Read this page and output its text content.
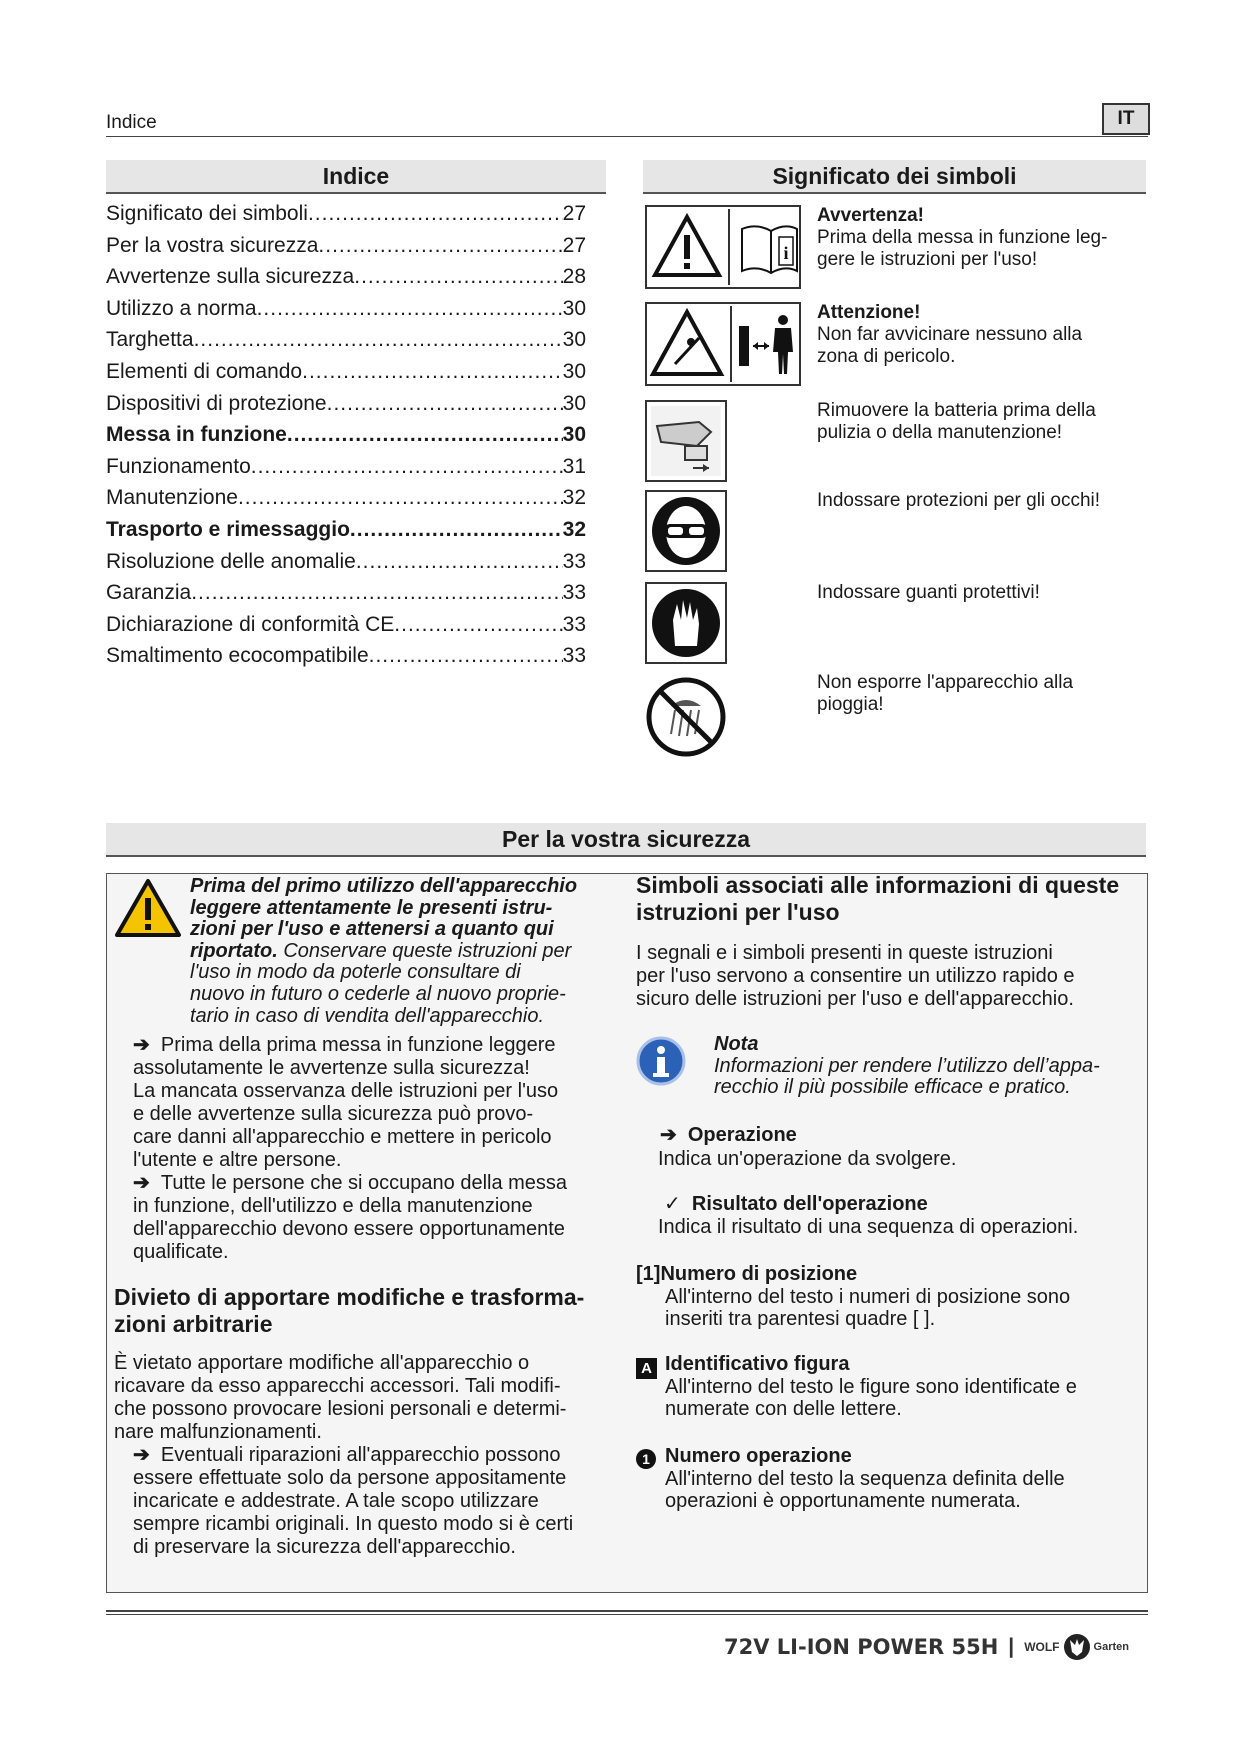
Indice	IT
Indice
Significato dei simboli .....	27
Per la vostra sicurezza .....	27
Avvertenze sulla sicurezza .....	28
Utilizzo a norma .....	30
Targhetta .....	30
Elementi di comando .....	30
Dispositivi di protezione .....	30
Messa in funzione .....	30
Funzionamento .....	31
Manutenzione .....	32
Trasporto e rimessaggio .....	32
Risoluzione delle anomalie .....	33
Garanzia .....	33
Dichiarazione di conformità CE .....	33
Smaltimento ecocompatibile .....	33
Significato dei simboli
i
Avvertenza!
Prima della messa in funzione leg-
gere le istruzioni per l'uso!
Attenzione!
Non far avvicinare nessuno alla
zona di pericolo.
Rimuovere la batteria prima della
pulizia o della manutenzione!
Indossare protezioni per gli occhi!
Indossare guanti protettivi!
Non esporre l'apparecchio alla
pioggia!
Per la vostra sicurezza
Prima del primo utilizzo dell'apparecchio
leggere attentamente le presenti istru-
zioni per l'uso e attenersi a quanto qui
riportato. Conservare queste istruzioni per
l'uso in modo da poterle consultare di
nuovo in futuro o cederle al nuovo proprie-
tario in caso di vendita dell'apparecchio.
➔  Prima della prima messa in funzione leggere
assolutamente le avvertenze sulla sicurezza!
La mancata osservanza delle istruzioni per l'uso
e delle avvertenze sulla sicurezza può provo-
care danni all'apparecchio e mettere in pericolo
l'utente e altre persone.
➔  Tutte le persone che si occupano della messa
in funzione, dell'utilizzo e della manutenzione
dell'apparecchio devono essere opportunamente
qualificate.
Divieto di apportare modifiche e trasforma-
zioni arbitrarie
È vietato apportare modifiche all'apparecchio o
ricavare da esso apparecchi accessori. Tali modifi-
che possono provocare lesioni personali e determi-
nare malfunzionamenti.
➔  Eventuali riparazioni all'apparecchio possono
essere effettuate solo da persone appositamente
incaricate e addestrate. A tale scopo utilizzare
sempre ricambi originali. In questo modo si è certi
di preservare la sicurezza dell'apparecchio.
Simboli associati alle informazioni di queste
istruzioni per l'uso
I segnali e i simboli presenti in queste istruzioni
per l'uso servono a consentire un utilizzo rapido e
sicuro delle istruzioni per l'uso e dell'apparecchio.
Nota
Informazioni per rendere l’utilizzo dell’appa-
recchio il più possibile efficace e pratico.
➔  Operazione
Indica un'operazione da svolgere.
✓  Risultato dell'operazione
Indica il risultato di una sequenza di operazioni.
[1]Numero di posizione
All'interno del testo i numeri di posizione sono
inseriti tra parentesi quadre [ ].
A Identificativo figura
All'interno del testo le figure sono identificate e
numerate con delle lettere.
1 Numero operazione
All'interno del testo la sequenza definita delle
operazioni è opportunamente numerata.
72V LI-ION POWER 55H | WOLF	Garten
